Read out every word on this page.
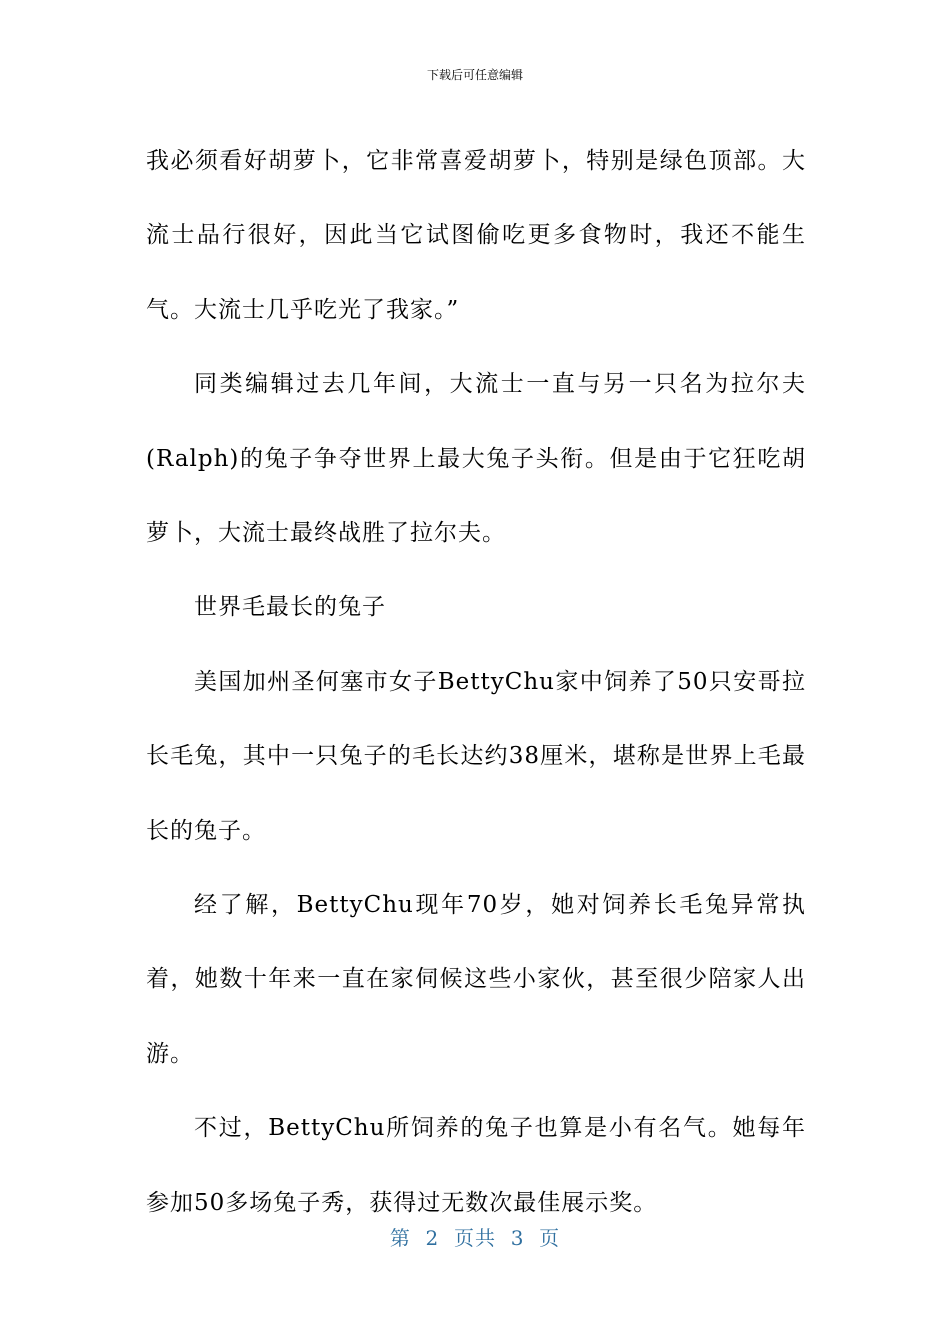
下载后可任意编辑

我必须看好胡萝卜，它非常喜爱胡萝卜，特别是绿色顶部。大流士品行很好，因此当它试图偷吃更多食物时，我还不能生气。大流士几乎吃光了我家。”

同类编辑过去几年间，大流士一直与另一只名为拉尔夫(Ralph)的兔子争夺世界上最大兔子头衔。但是由于它狂吃胡萝卜，大流士最终战胜了拉尔夫。

世界毛最长的兔子

美国加州圣何塞市女子BettyChu家中饲养了50只安哥拉长毛兔，其中一只兔子的毛长达约38厘米，堪称是世界上毛最长的兔子。

经了解，BettyChu现年70岁，她对饲养长毛兔异常执着，她数十年来一直在家伺候这些小家伙，甚至很少陪家人出游。

不过，BettyChu所饲养的兔子也算是小有名气。她每年参加50多场兔子秀，获得过无数次最佳展示奖。

第  2  页共  3  页
